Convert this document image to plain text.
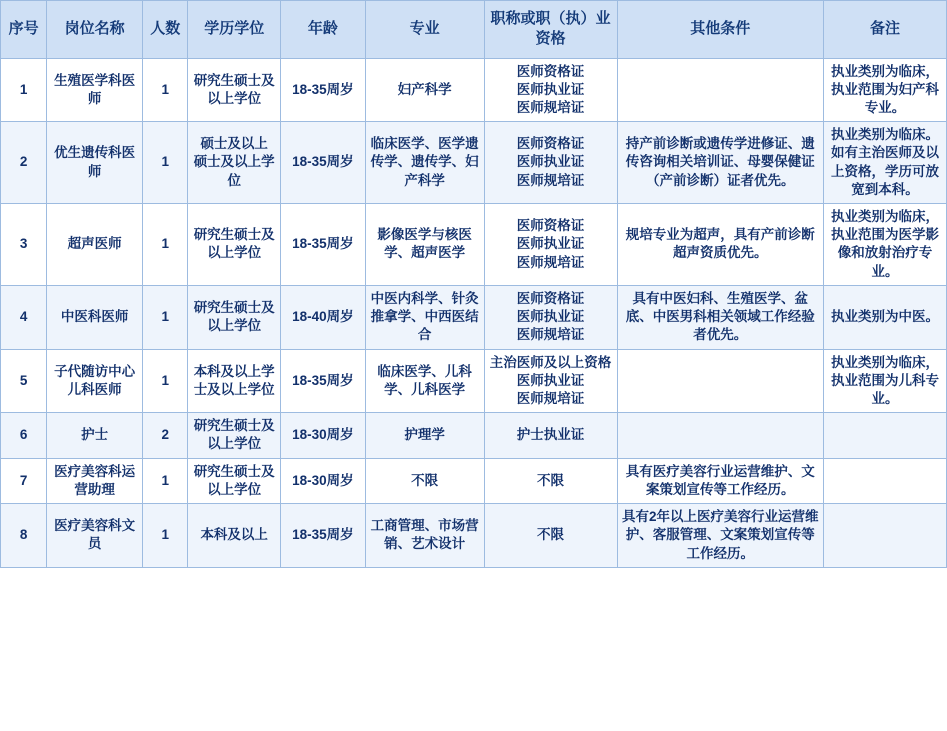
序号	岗位名称	人数	学历学位	年龄	专业	职称或职（执）业资格	其他条件	备注
1	生殖医学科医师	1	研究生硕士及以上学位	18-35周岁	妇产科学	医师资格证
医师执业证
医师规培证		执业类别为临床，执业范围为妇产科专业。
2	优生遗传科医师	1	硕士及以上
硕士及以上学位	18-35周岁	临床医学、医学遗传学、遗传学、妇产科学	医师资格证
医师执业证
医师规培证	持产前诊断或遗传学进修证、遗传咨询相关培训证、母婴保健证（产前诊断）证者优先。	执业类别为临床。如有主治医师及以上资格，学历可放宽到本科。
3	超声医师	1	研究生硕士及以上学位	18-35周岁	影像医学与核医学、超声医学	医师资格证
医师执业证
医师规培证	规培专业为超声，具有产前诊断超声资质优先。	执业类别为临床，执业范围为医学影像和放射治疗专业。
4	中医科医师	1	研究生硕士及以上学位	18-40周岁	中医内科学、针灸推拿学、中西医结合	医师资格证
医师执业证
医师规培证	具有中医妇科、生殖医学、盆底、中医男科相关领域工作经验者优先。	执业类别为中医。
5	子代随访中心儿科医师	1	本科及以上学士及以上学位	18-35周岁	临床医学、儿科学、儿科医学	主治医师及以上资格
医师执业证
医师规培证		执业类别为临床，执业范围为儿科专业。
6	护士	2	研究生硕士及以上学位	18-30周岁	护理学	护士执业证		
7	医疗美容科运营助理	1	研究生硕士及以上学位	18-30周岁	不限	不限	具有医疗美容行业运营维护、文案策划宣传等工作经历。	
8	医疗美容科文员	1	本科及以上	18-35周岁	工商管理、市场营销、艺术设计	不限	具有2年以上医疗美容行业运营维护、客服管理、文案策划宣传等工作经历。	
